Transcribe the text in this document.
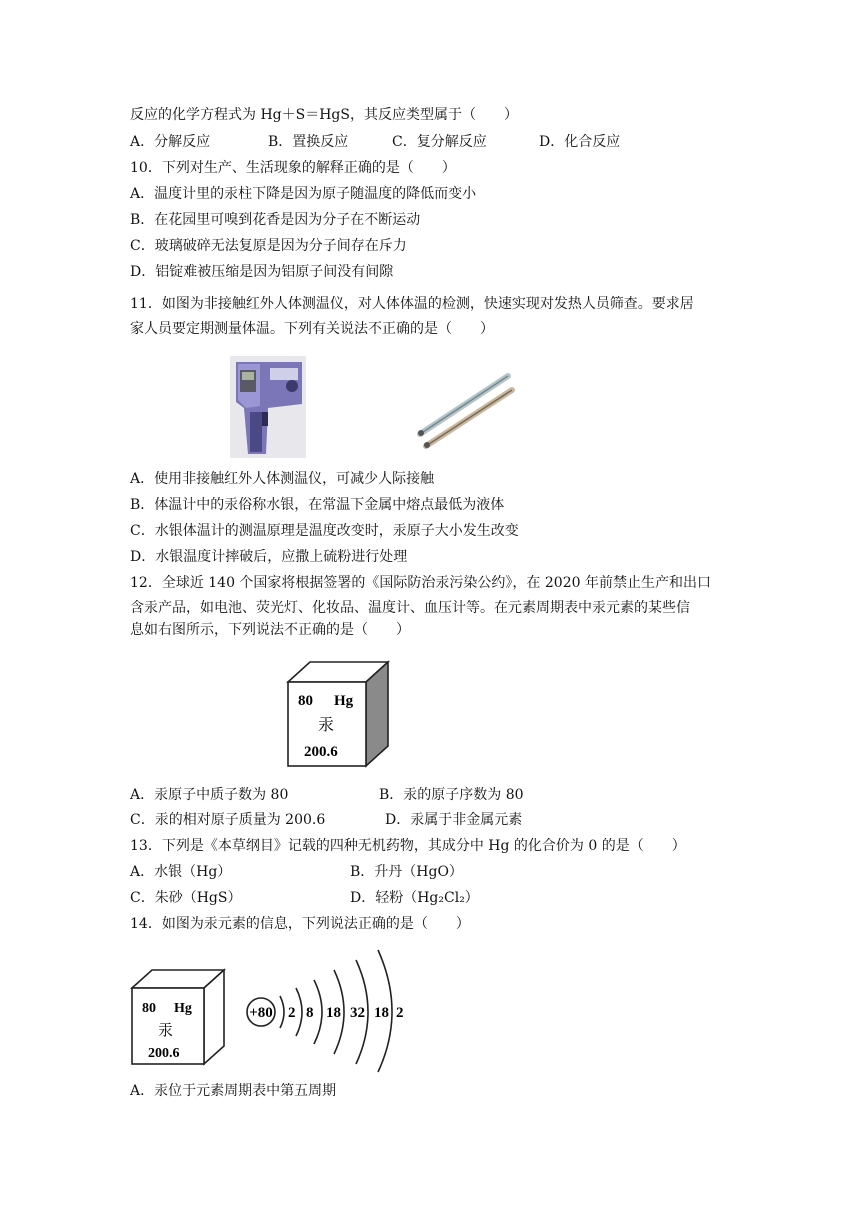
反应的化学方程式为 Hg＋S＝HgS，其反应类型属于（　　）
A．分解反应	B．置换反应	C．复分解反应	D．化合反应
10．下列对生产、生活现象的解释正确的是（　　）
A．温度计里的汞柱下降是因为原子随温度的降低而变小
B．在花园里可嗅到花香是因为分子在不断运动
C．玻璃破碎无法复原是因为分子间存在斥力
D．铝锭难被压缩是因为铝原子间没有间隙
11．如图为非接触红外人体测温仪，对人体体温的检测，快速实现对发热人员筛查。要求居
家人员要定期测量体温。下列有关说法不正确的是（　　）
A．使用非接触红外人体测温仪，可减少人际接触
B．体温计中的汞俗称水银，在常温下金属中熔点最低为液体
C．水银体温计的测温原理是温度改变时，汞原子大小发生改变
D．水银温度计摔破后，应撒上硫粉进行处理
12．全球近 140 个国家将根据签署的《国际防治汞污染公约》，在 2020 年前禁止生产和出口
含汞产品，如电池、荧光灯、化妆品、温度计、血压计等。在元素周期表中汞元素的某些信
息如右图所示，下列说法不正确的是（　　）
80 Hg
汞
200.6
A．汞原子中质子数为 80	B．汞的原子序数为 80
C．汞的相对原子质量为 200.6	D．汞属于非金属元素
13．下列是《本草纲目》记载的四种无机药物，其成分中 Hg 的化合价为 0 的是（　　）
A．水银（Hg）	B．升丹（HgO）
C．朱砂（HgS）	D．轻粉（Hg₂Cl₂）
14．如图为汞元素的信息，下列说法正确的是（　　）
80 Hg
汞
200.6
+80 2 8 18 32 18 2
A．汞位于元素周期表中第五周期
